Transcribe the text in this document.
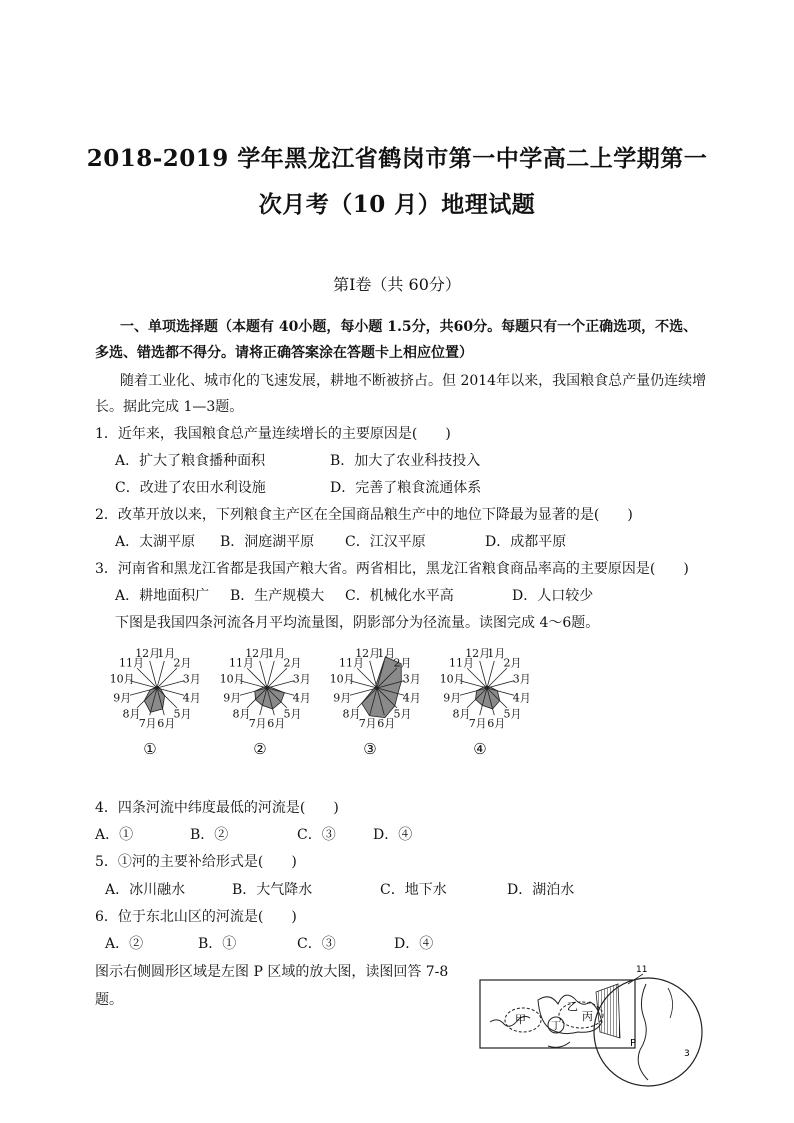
2018-2019 学年黑龙江省鹤岗市第一中学高二上学期第一
次月考（10 月）地理试题
第Ⅰ卷（共 60分）
一、单项选择题（本题有 40小题，每小题 1.5分，共60分。每题只有一个正确选项，不选、
多选、错选都不得分。请将正确答案涂在答题卡上相应位置）
随着工业化、城市化的飞速发展，耕地不断被挤占。但 2014年以来，我国粮食总产量仍连续增
长。据此完成 1—3题。
1．近年来，我国粮食总产量连续增长的主要原因是(　　)
A．扩大了粮食播种面积	B．加大了农业科技投入
C．改进了农田水利设施	D．完善了粮食流通体系
2．改革开放以来，下列粮食主产区在全国商品粮生产中的地位下降最为显著的是(　　)
A．太湖平原 B．洞庭湖平原 C．江汉平原	D．成都平原
3．河南省和黑龙江省都是我国产粮大省。两省相比，黑龙江省粮食商品率高的主要原因是(　　)
A．耕地面积广 B．生产规模大 C．机械化水平高	D．人口较少
下图是我国四条河流各月平均流量图，阴影部分为径流量。读图完成 4～6题。
1月
2月
3月
4月
5月
6月
7月
8月
9月
10月
11月
12月
①
1月
2月
3月
4月
5月
6月
7月
8月
9月
10月
11月
12月
②
1月
2月
3月
4月
5月
6月
7月
8月
9月
10月
11月
12月
③
1月
2月
3月
4月
5月
6月
7月
8月
9月
10月
11月
12月
④
4．四条河流中纬度最低的河流是(　　)
A．①	B．②	C．③	D．④
5．①河的主要补给形式是(　　)
A．冰川融水	B．大气降水	C．地下水	D．湖泊水
6．位于东北山区的河流是(　　)
A．②	B．①	C．③	D．④
图示右侧圆形区域是左图 P 区域的放大图，读图回答 7-8
题。
甲
乙
丙
丁
P
11
3
